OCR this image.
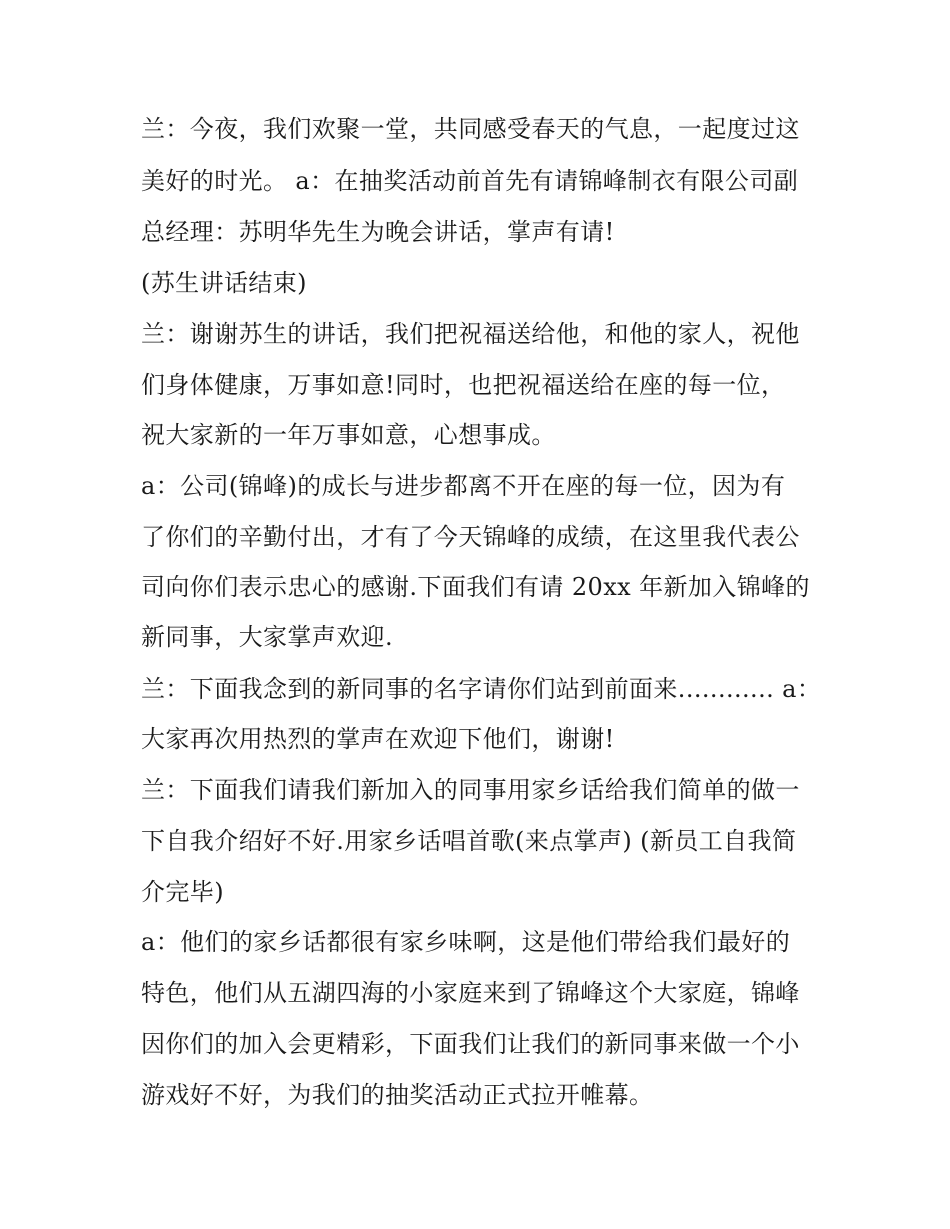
兰：今夜，我们欢聚一堂，共同感受春天的气息，一起度过这
美好的时光。 a：在抽奖活动前首先有请锦峰制衣有限公司副
总经理：苏明华先生为晚会讲话，掌声有请!
(苏生讲话结束)
兰：谢谢苏生的讲话，我们把祝福送给他，和他的家人，祝他
们身体健康，万事如意!同时，也把祝福送给在座的每一位，
祝大家新的一年万事如意，心想事成。
a：公司(锦峰)的成长与进步都离不开在座的每一位，因为有
了你们的辛勤付出，才有了今天锦峰的成绩，在这里我代表公
司向你们表示忠心的感谢.下面我们有请 20xx 年新加入锦峰的
新同事，大家掌声欢迎.
兰：下面我念到的新同事的名字请你们站到前面来............ a：
大家再次用热烈的掌声在欢迎下他们，谢谢!
兰：下面我们请我们新加入的同事用家乡话给我们简单的做一
下自我介绍好不好.用家乡话唱首歌(来点掌声) (新员工自我简
介完毕)
a：他们的家乡话都很有家乡味啊，这是他们带给我们最好的
特色，他们从五湖四海的小家庭来到了锦峰这个大家庭，锦峰
因你们的加入会更精彩，下面我们让我们的新同事来做一个小
游戏好不好，为我们的抽奖活动正式拉开帷幕。
